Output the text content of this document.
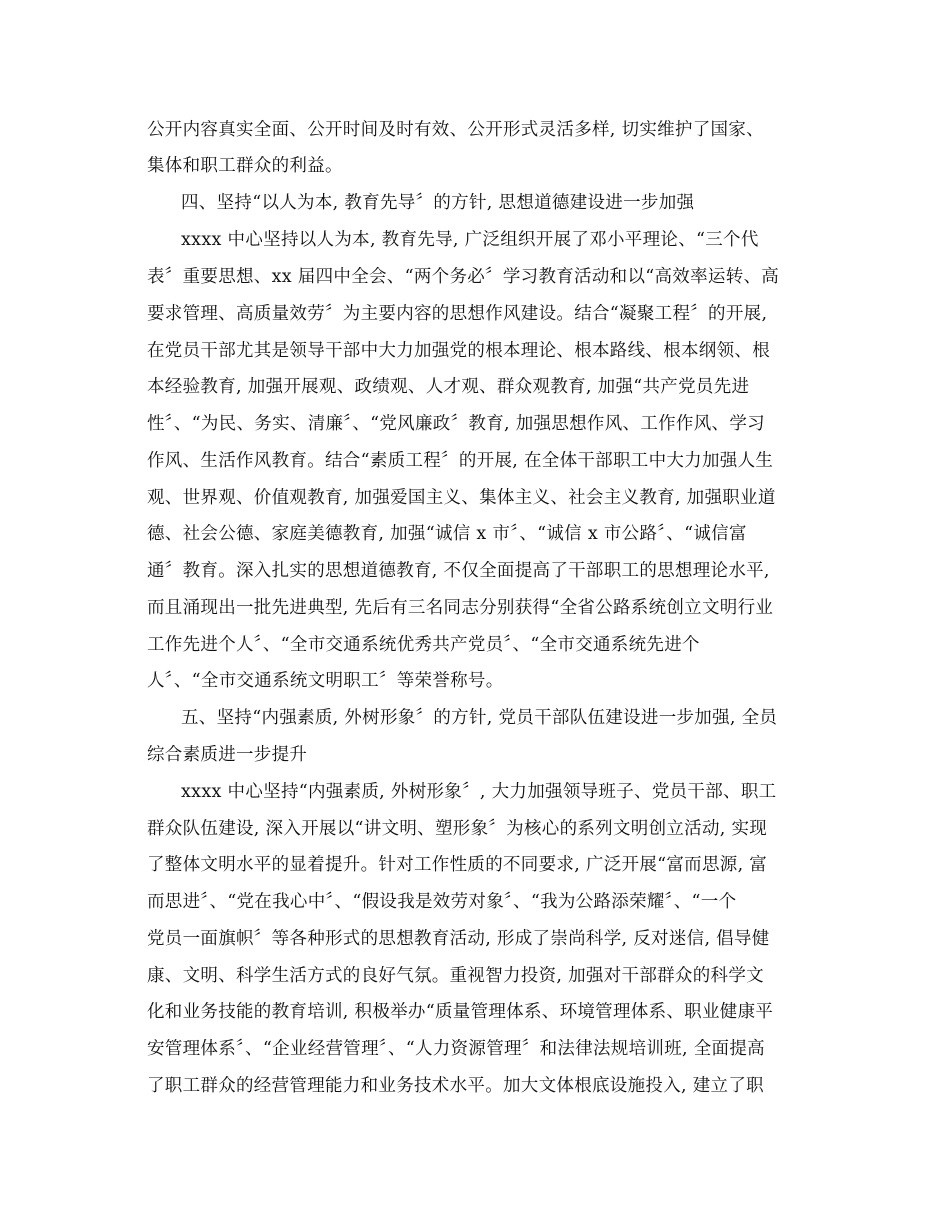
公开内容真实全面、公开时间及时有效、公开形式灵活多样, 切实维护了国家、
集体和职工群众的利益。
四、坚持“以人为本, 教育先导〞的方针, 思想道德建设进一步加强
xxxx 中心坚持以人为本, 教育先导, 广泛组织开展了邓小平理论、“三个代
表〞重要思想、xx 届四中全会、“两个务必〞学习教育活动和以“高效率运转、高
要求管理、高质量效劳〞为主要内容的思想作风建设。结合“凝聚工程〞的开展,
在党员干部尤其是领导干部中大力加强党的根本理论、根本路线、根本纲领、根
本经验教育, 加强开展观、政绩观、人才观、群众观教育, 加强“共产党员先进
性〞、“为民、务实、清廉〞、“党风廉政〞教育, 加强思想作风、工作作风、学习
作风、生活作风教育。结合“素质工程〞的开展, 在全体干部职工中大力加强人生
观、世界观、价值观教育, 加强爱国主义、集体主义、社会主义教育, 加强职业道
德、社会公德、家庭美德教育, 加强“诚信 x 市〞、“诚信 x 市公路〞、“诚信富
通〞教育。深入扎实的思想道德教育, 不仅全面提高了干部职工的思想理论水平,
而且涌现出一批先进典型, 先后有三名同志分别获得“全省公路系统创立文明行业
工作先进个人〞、“全市交通系统优秀共产党员〞、“全市交通系统先进个
人〞、“全市交通系统文明职工〞等荣誉称号。
五、坚持“内强素质, 外树形象〞的方针, 党员干部队伍建设进一步加强, 全员
综合素质进一步提升
xxxx 中心坚持“内强素质, 外树形象〞, 大力加强领导班子、党员干部、职工
群众队伍建设, 深入开展以“讲文明、塑形象〞为核心的系列文明创立活动, 实现
了整体文明水平的显着提升。针对工作性质的不同要求, 广泛开展“富而思源, 富
而思进〞、“党在我心中〞、“假设我是效劳对象〞、“我为公路添荣耀〞、“一个
党员一面旗帜〞等各种形式的思想教育活动, 形成了崇尚科学, 反对迷信, 倡导健
康、文明、科学生活方式的良好气氛。重视智力投资, 加强对干部群众的科学文
化和业务技能的教育培训, 积极举办“质量管理体系、环境管理体系、职业健康平
安管理体系〞、“企业经营管理〞、“人力资源管理〞和法律法规培训班, 全面提高
了职工群众的经营管理能力和业务技术水平。加大文体根底设施投入, 建立了职
